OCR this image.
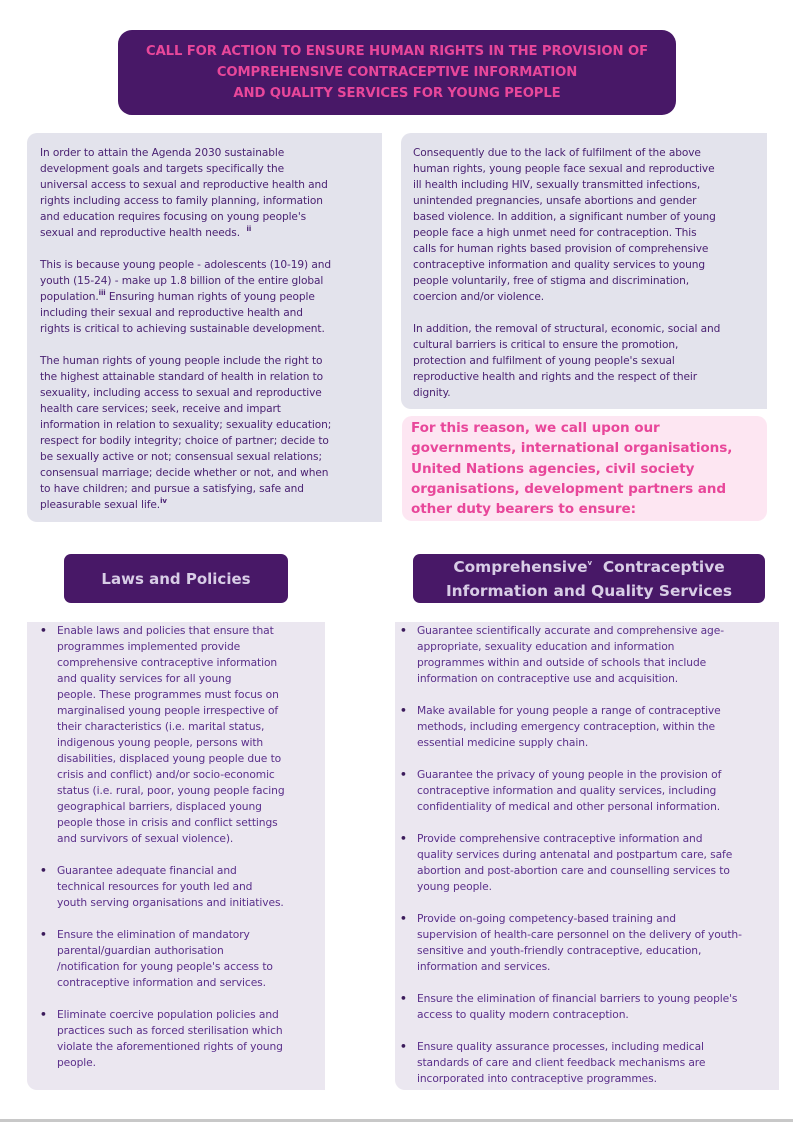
CALL FOR ACTION TO ENSURE HUMAN RIGHTS IN THE PROVISION OF
COMPREHENSIVE CONTRACEPTIVE INFORMATION
AND QUALITY SERVICES FOR YOUNG PEOPLE

In order to attain the Agenda 2030 sustainable

development goals and targets specifically the

universal access to sexual and reproductive health and

rights including access to family planning, information

and education requires focusing on young people's

sexual and reproductive health needs. $^{ii}$

This is because young people - adolescents (10-19) and

youth (15-24) - make up 1.8 billion of the entire global

population.$^{iii}$ Ensuring human rights of young people

including their sexual and reproductive health and

rights is critical to achieving sustainable development.

The human rights of young people include the right to

the highest attainable standard of health in relation to

sexuality, including access to sexual and reproductive

health care services; seek, receive and impart

information in relation to sexuality; sexuality education;

respect for bodily integrity; choice of partner; decide to

be sexually active or not; consensual sexual relations;

consensual marriage; decide whether or not, and when

to have children; and pursue a satisfying, safe and

pleasurable sexual life.$^{iv}$

Consequently due to the lack of fulfilment of the above

human rights, young people face sexual and reproductive

ill health including HIV, sexually transmitted infections,

unintended pregnancies, unsafe abortions and gender

based violence. In addition, a significant number of young

people face a high unmet need for contraception. This

calls for human rights based provision of comprehensive

contraceptive information and quality services to young

people voluntarily, free of stigma and discrimination,

coercion and/or violence.

In addition, the removal of structural, economic, social and

cultural barriers is critical to ensure the promotion,

protection and fulfilment of young people's sexual

reproductive health and rights and the respect of their

dignity.

For this reason, we call upon our

governments, international organisations,

United Nations agencies, civil society

organisations, development partners and

other duty bearers to ensure:

Laws and Policies
Comprehensive$^v$ Contraceptive
Information and Quality Services

• Enable laws and policies that ensure that

programmes implemented provide

comprehensive contraceptive information

and quality services for all young

people. These programmes must focus on

marginalised young people irrespective of

their characteristics (i.e. marital status,

indigenous young people, persons with

disabilities, displaced young people due to

crisis and conflict) and/or socio-economic

status (i.e. rural, poor, young people facing

geographical barriers, displaced young

people those in crisis and conflict settings

and survivors of sexual violence).

• Guarantee adequate financial and

technical resources for youth led and

youth serving organisations and initiatives.

• Ensure the elimination of mandatory

parental/guardian authorisation

/notification for young people's access to

contraceptive information and services.

• Eliminate coercive population policies and

practices such as forced sterilisation which

violate the aforementioned rights of young

people.

• Guarantee scientifically accurate and comprehensive age-

appropriate, sexuality education and information

programmes within and outside of schools that include

information on contraceptive use and acquisition.

• Make available for young people a range of contraceptive

methods, including emergency contraception, within the

essential medicine supply chain.

• Guarantee the privacy of young people in the provision of

contraceptive information and quality services, including

confidentiality of medical and other personal information.

• Provide comprehensive contraceptive information and

quality services during antenatal and postpartum care, safe

abortion and post-abortion care and counselling services to

young people.

• Provide on-going competency-based training and

supervision of health-care personnel on the delivery of youth-

sensitive and youth-friendly contraceptive, education,

information and services.

• Ensure the elimination of financial barriers to young people's

access to quality modern contraception.

• Ensure quality assurance processes, including medical

standards of care and client feedback mechanisms are

incorporated into contraceptive programmes.
